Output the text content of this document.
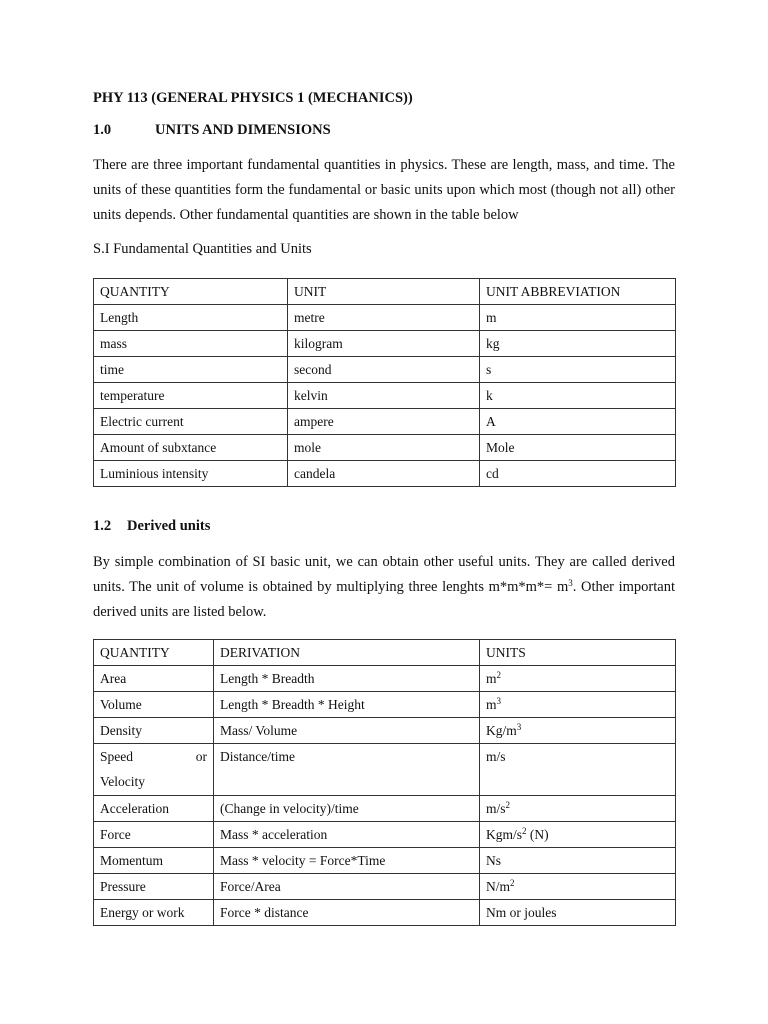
PHY 113 (GENERAL PHYSICS 1 (MECHANICS))
1.0	UNITS AND DIMENSIONS
There are three important fundamental quantities in physics. These are length, mass, and time. The units of these quantities form the fundamental or basic units upon which most (though not all) other units depends. Other fundamental quantities are shown in the table below
S.I Fundamental Quantities and Units
QUANTITY	UNIT	UNIT ABBREVIATION
Length	metre	m
mass	kilogram	kg
time	second	s
temperature	kelvin	k
Electric current	ampere	A
Amount of subxtance	mole	Mole
Luminious intensity	candela	cd
1.2 Derived units
By simple combination of SI basic unit, we can obtain other useful units. They are called derived units. The unit of volume is obtained by multiplying three lenghts $m*m*m*= m^3$. Other important derived units are listed below.
QUANTITY	DERIVATION	UNITS
Area	Length * Breadth	$m^2$
Volume	Length * Breadth * Height	$m^3$
Density	Mass/ Volume	$Kg/m^3$

Speed or
Velocity	Distance/time	m/s
Acceleration	(Change in velocity)/time	$m/s^2$
Force	Mass * acceleration	Kgm/$s^2$ (N)
Momentum	Mass * velocity = Force*Time	Ns
Pressure	Force/Area	$N/m^2$
Energy or work	Force * distance	Nm or joules
